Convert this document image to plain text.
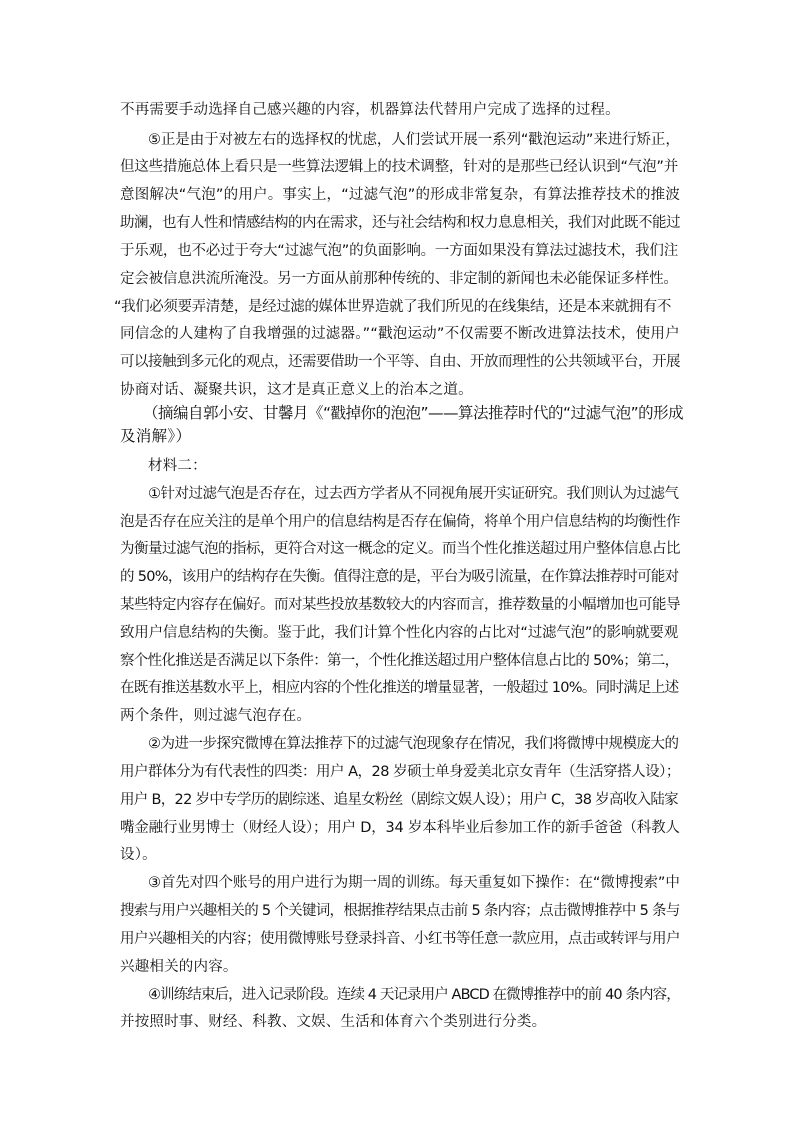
不再需要手动选择自己感兴趣的内容，机器算法代替用户完成了选择的过程。
⑤正是由于对被左右的选择权的忧虑，人们尝试开展一系列“戳泡运动”来进行矫正，
但这些措施总体上看只是一些算法逻辑上的技术调整，针对的是那些已经认识到“气泡”并
意图解决“气泡”的用户。事实上，“过滤气泡”的形成非常复杂，有算法推荐技术的推波
助澜，也有人性和情感结构的内在需求，还与社会结构和权力息息相关，我们对此既不能过
于乐观，也不必过于夸大“过滤气泡”的负面影响。一方面如果没有算法过滤技术，我们注
定会被信息洪流所淹没。另一方面从前那种传统的、非定制的新闻也未必能保证多样性。
“我们必须要弄清楚，是经过滤的媒体世界造就了我们所见的在线集结，还是本来就拥有不
同信念的人建构了自我增强的过滤器。”“戳泡运动”不仅需要不断改进算法技术，使用户
可以接触到多元化的观点，还需要借助一个平等、自由、开放而理性的公共领域平台，开展
协商对话、凝聚共识，这才是真正意义上的治本之道。
（摘编自郭小安、甘馨月《“戳掉你的泡泡”——算法推荐时代的“过滤气泡”的形成
及消解》）
材料二：
①针对过滤气泡是否存在，过去西方学者从不同视角展开实证研究。我们则认为过滤气
泡是否存在应关注的是单个用户的信息结构是否存在偏倚，将单个用户信息结构的均衡性作
为衡量过滤气泡的指标，更符合对这一概念的定义。而当个性化推送超过用户整体信息占比
的 50%，该用户的结构存在失衡。值得注意的是，平台为吸引流量，在作算法推荐时可能对
某些特定内容存在偏好。而对某些投放基数较大的内容而言，推荐数量的小幅增加也可能导
致用户信息结构的失衡。鉴于此，我们计算个性化内容的占比对“过滤气泡”的影响就要观
察个性化推送是否满足以下条件：第一，个性化推送超过用户整体信息占比的 50%；第二，
在既有推送基数水平上，相应内容的个性化推送的增量显著，一般超过 10%。同时满足上述
两个条件，则过滤气泡存在。
②为进一步探究微博在算法推荐下的过滤气泡现象存在情况，我们将微博中规模庞大的
用户群体分为有代表性的四类：用户 A，28 岁硕士单身爱美北京女青年（生活穿搭人设）；
用户 B，22 岁中专学历的剧综迷、追星女粉丝（剧综文娱人设）；用户 C，38 岁高收入陆家
嘴金融行业男博士（财经人设）；用户 D，34 岁本科毕业后参加工作的新手爸爸（科教人
设）。
③首先对四个账号的用户进行为期一周的训练。每天重复如下操作：在“微博搜索”中
搜索与用户兴趣相关的 5 个关键词，根据推荐结果点击前 5 条内容；点击微博推荐中 5 条与
用户兴趣相关的内容；使用微博账号登录抖音、小红书等任意一款应用，点击或转评与用户
兴趣相关的内容。
④训练结束后，进入记录阶段。连续 4 天记录用户 ABCD 在微博推荐中的前 40 条内容，
并按照时事、财经、科教、文娱、生活和体育六个类别进行分类。
